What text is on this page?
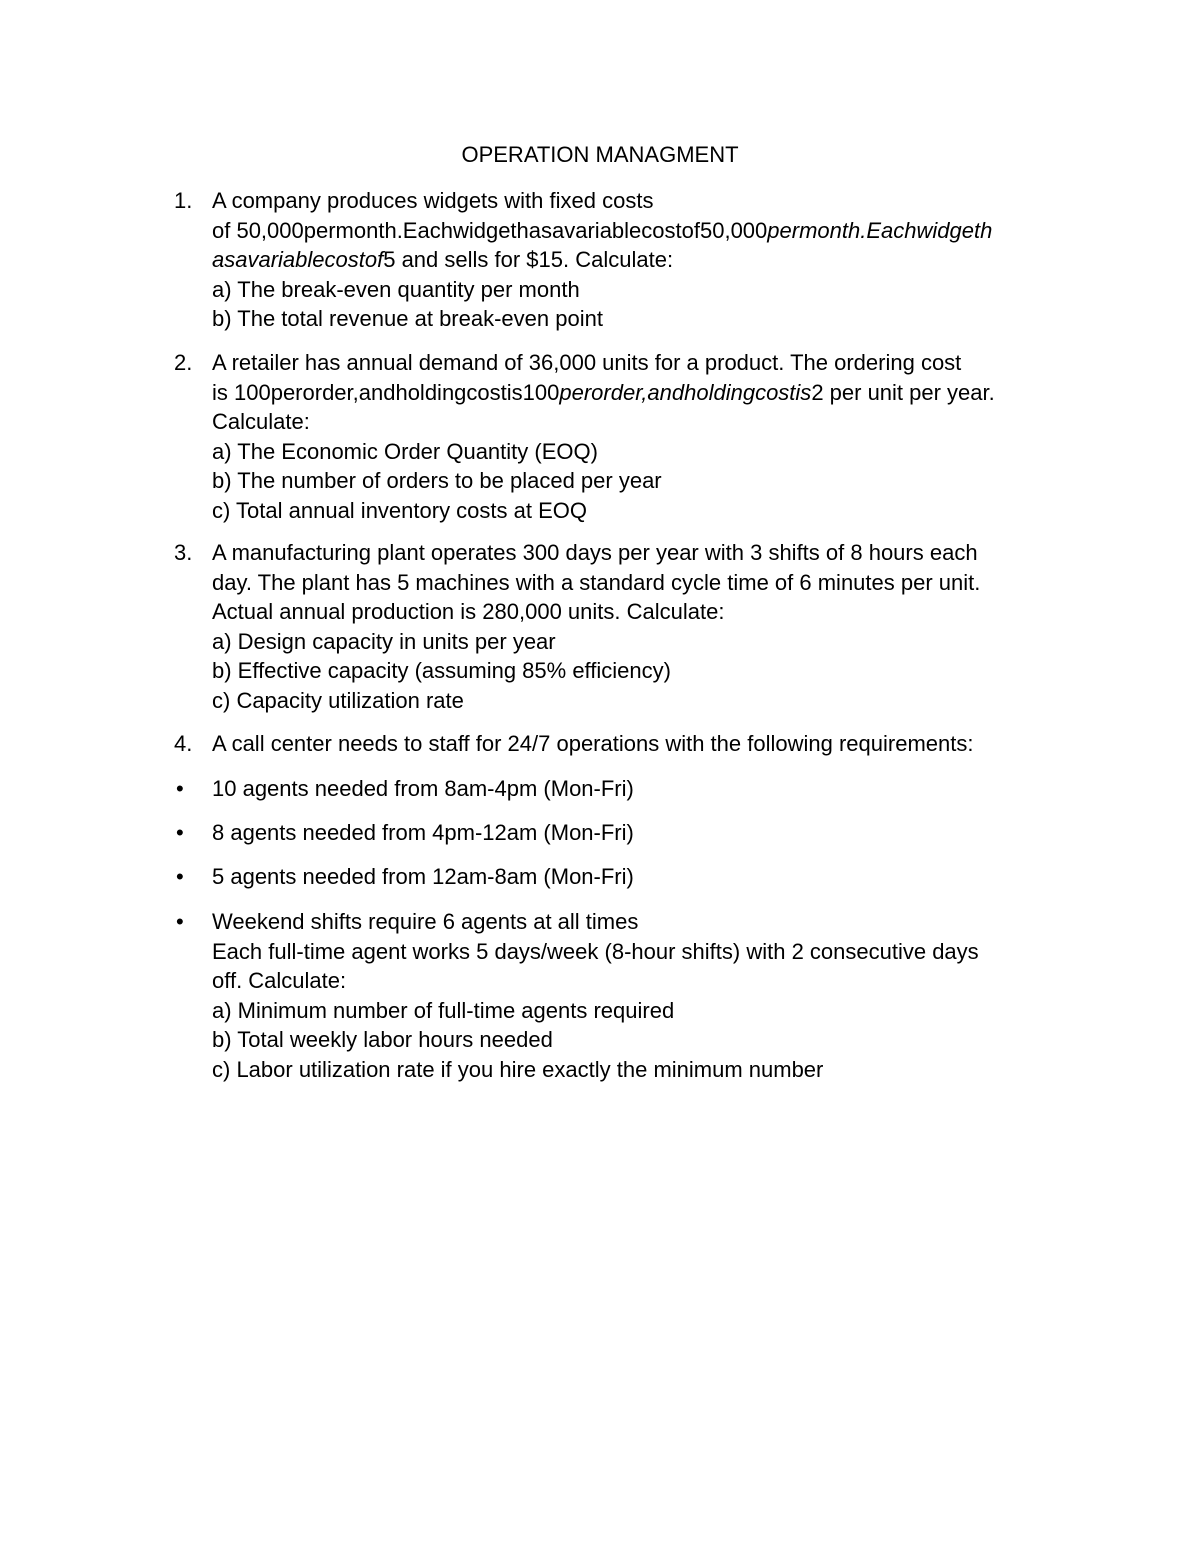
OPERATION MANAGMENT
1. A company produces widgets with fixed costs
of 50,000permonth.Eachwidgethasavariablecostof50,000permonth.Eachwidgeth
asavariablecostof5 and sells for $15. Calculate:
a) The break-even quantity per month
b) The total revenue at break-even point
2. A retailer has annual demand of 36,000 units for a product. The ordering cost
is 100perorder,andholdingcostis100perorder,andholdingcostis2 per unit per year.
Calculate:
a) The Economic Order Quantity (EOQ)
b) The number of orders to be placed per year
c) Total annual inventory costs at EOQ
3. A manufacturing plant operates 300 days per year with 3 shifts of 8 hours each
day. The plant has 5 machines with a standard cycle time of 6 minutes per unit.
Actual annual production is 280,000 units. Calculate:
a) Design capacity in units per year
b) Effective capacity (assuming 85% efficiency)
c) Capacity utilization rate
4. A call center needs to staff for 24/7 operations with the following requirements:
• 10 agents needed from 8am-4pm (Mon-Fri)
• 8 agents needed from 4pm-12am (Mon-Fri)
• 5 agents needed from 12am-8am (Mon-Fri)
• Weekend shifts require 6 agents at all times
Each full-time agent works 5 days/week (8-hour shifts) with 2 consecutive days
off. Calculate:
a) Minimum number of full-time agents required
b) Total weekly labor hours needed
c) Labor utilization rate if you hire exactly the minimum number
